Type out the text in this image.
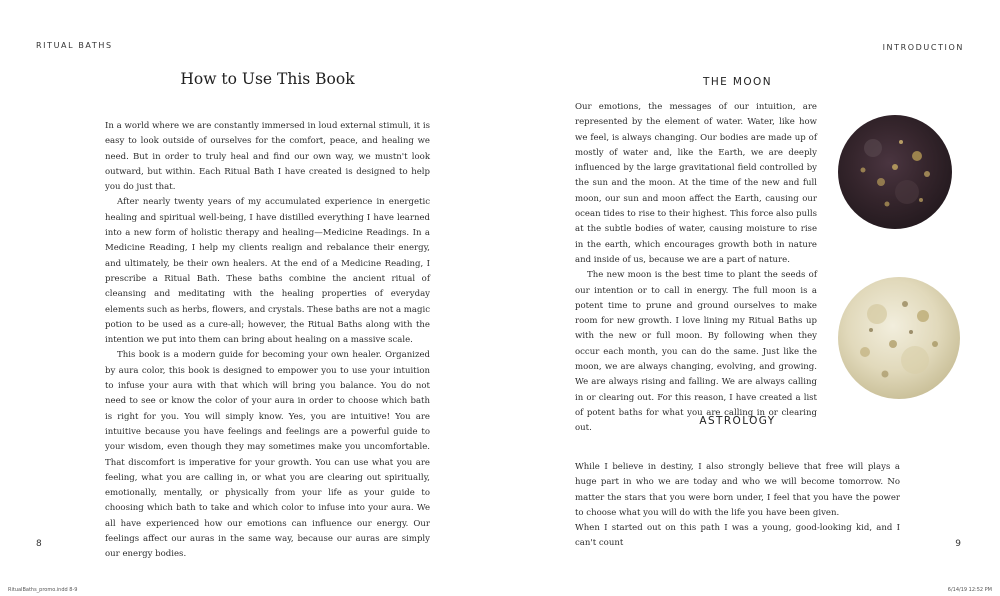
RITUAL BATHS
How to Use This Book

In a world where we are constantly immersed in loud external stimuli, it is easy to look outside of ourselves for the comfort, peace, and healing we need. But in order to truly heal and find our own way, we mustn't look outward, but within. Each Ritual Bath I have created is designed to help you do just that.

After nearly twenty years of my accumulated experience in energetic healing and spiritual well-being, I have distilled everything I have learned into a new form of holistic therapy and healing—Medicine Readings. In a Medicine Reading, I help my clients realign and rebalance their energy, and ultimately, be their own healers. At the end of a Medicine Reading, I prescribe a Ritual Bath. These baths combine the ancient ritual of cleansing and meditating with the healing properties of everyday elements such as herbs, flowers, and crystals. These baths are not a magic potion to be used as a cure-all; however, the Ritual Baths along with the intention we put into them can bring about healing on a massive scale.

This book is a modern guide for becoming your own healer. Organized by aura color, this book is designed to empower you to use your intuition to infuse your aura with that which will bring you balance. You do not need to see or know the color of your aura in order to choose which bath is right for you. You will simply know. Yes, you are intuitive! You are intuitive because you have feelings and feelings are a powerful guide to your wisdom, even though they may sometimes make you uncomfortable. That discomfort is imperative for your growth. You can use what you are feeling, what you are calling in, or what you are clearing out spiritually, emotionally, mentally, or physically from your life as your guide to choosing which bath to take and which color to infuse into your aura. We all have experienced how our emotions can influence our energy. Our feelings affect our auras in the same way, because our auras are simply our energy bodies.

8
RitualBaths_promo.indd 8-9
INTRODUCTION
THE MOON

Our emotions, the messages of our intuition, are represented by the element of water. Water, like how we feel, is always changing. Our bodies are made up of mostly of water and, like the Earth, we are deeply influenced by the large gravitational field controlled by the sun and the moon. At the time of the new and full moon, our sun and moon affect the Earth, causing our ocean tides to rise to their highest. This force also pulls at the subtle bodies of water, causing moisture to rise in the earth, which encourages growth both in nature and inside of us, because we are a part of nature.

The new moon is the best time to plant the seeds of our intention or to call in energy. The full moon is a potent time to prune and ground ourselves to make room for new growth. I love lining my Ritual Baths up with the new or full moon. By following when they occur each month, you can do the same. Just like the moon, we are always changing, evolving, and growing. We are always rising and falling. We are always calling in or clearing out. For this reason, I have created a list of potent baths for what you are calling in or clearing out.

ASTROLOGY

While I believe in destiny, I also strongly believe that free will plays a huge part in who we are today and who we will become tomorrow. No matter the stars that you were born under, I feel that you have the power to choose what you will do with the life you have been given.

When I started out on this path I was a young, good-looking kid, and I can't count	9
6/14/19 12:52 PM
